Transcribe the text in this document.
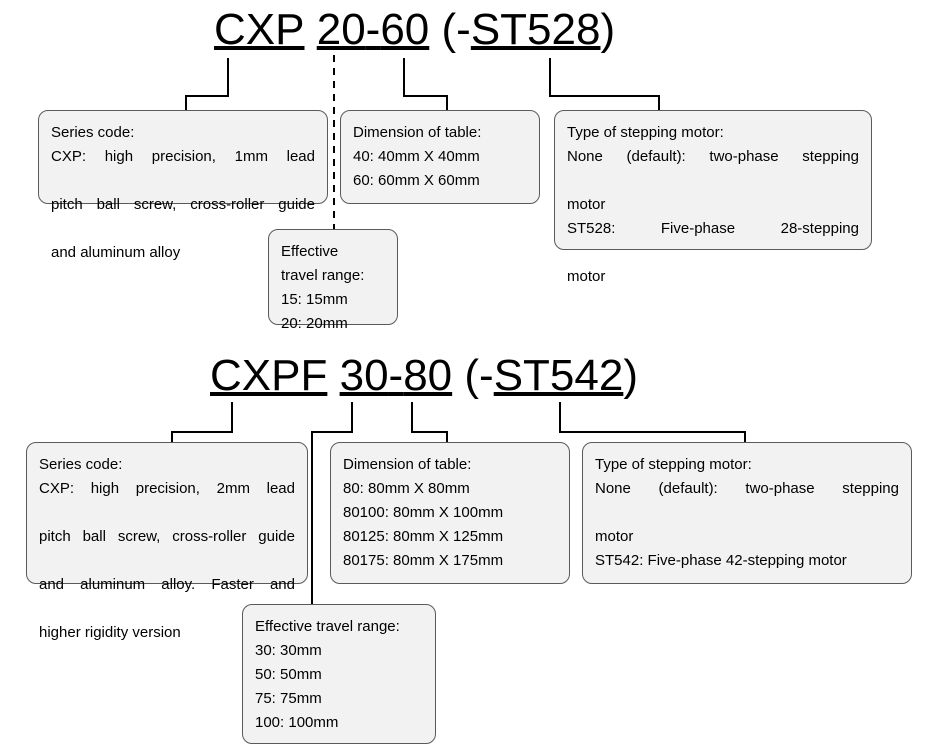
CXP 20-60 (-ST528)

Series code:

CXP: high precision, 1mm lead

pitch ball screw, cross-roller guide

and aluminum alloy	Effective

travel range:

15: 15mm

20: 20mm

Dimension of table:

40: 40mm X 40mm

60: 60mm X 60mm

Type of stepping motor:

None (default): two-phase stepping

motor

ST528: Five-phase 28-stepping

motor

CXPF 30-80 (-ST542)

Series code:

CXP: high precision, 2mm lead

pitch ball screw, cross-roller guide

and aluminum alloy. Faster and

higher rigidity version	Effective travel range:

30: 30mm

50: 50mm

75: 75mm

100: 100mm

Dimension of table:

80: 80mm X 80mm

80100: 80mm X 100mm

80125: 80mm X 125mm

80175: 80mm X 175mm

Type of stepping motor:

None (default): two-phase stepping

motor

ST542: Five-phase 42-stepping motor
